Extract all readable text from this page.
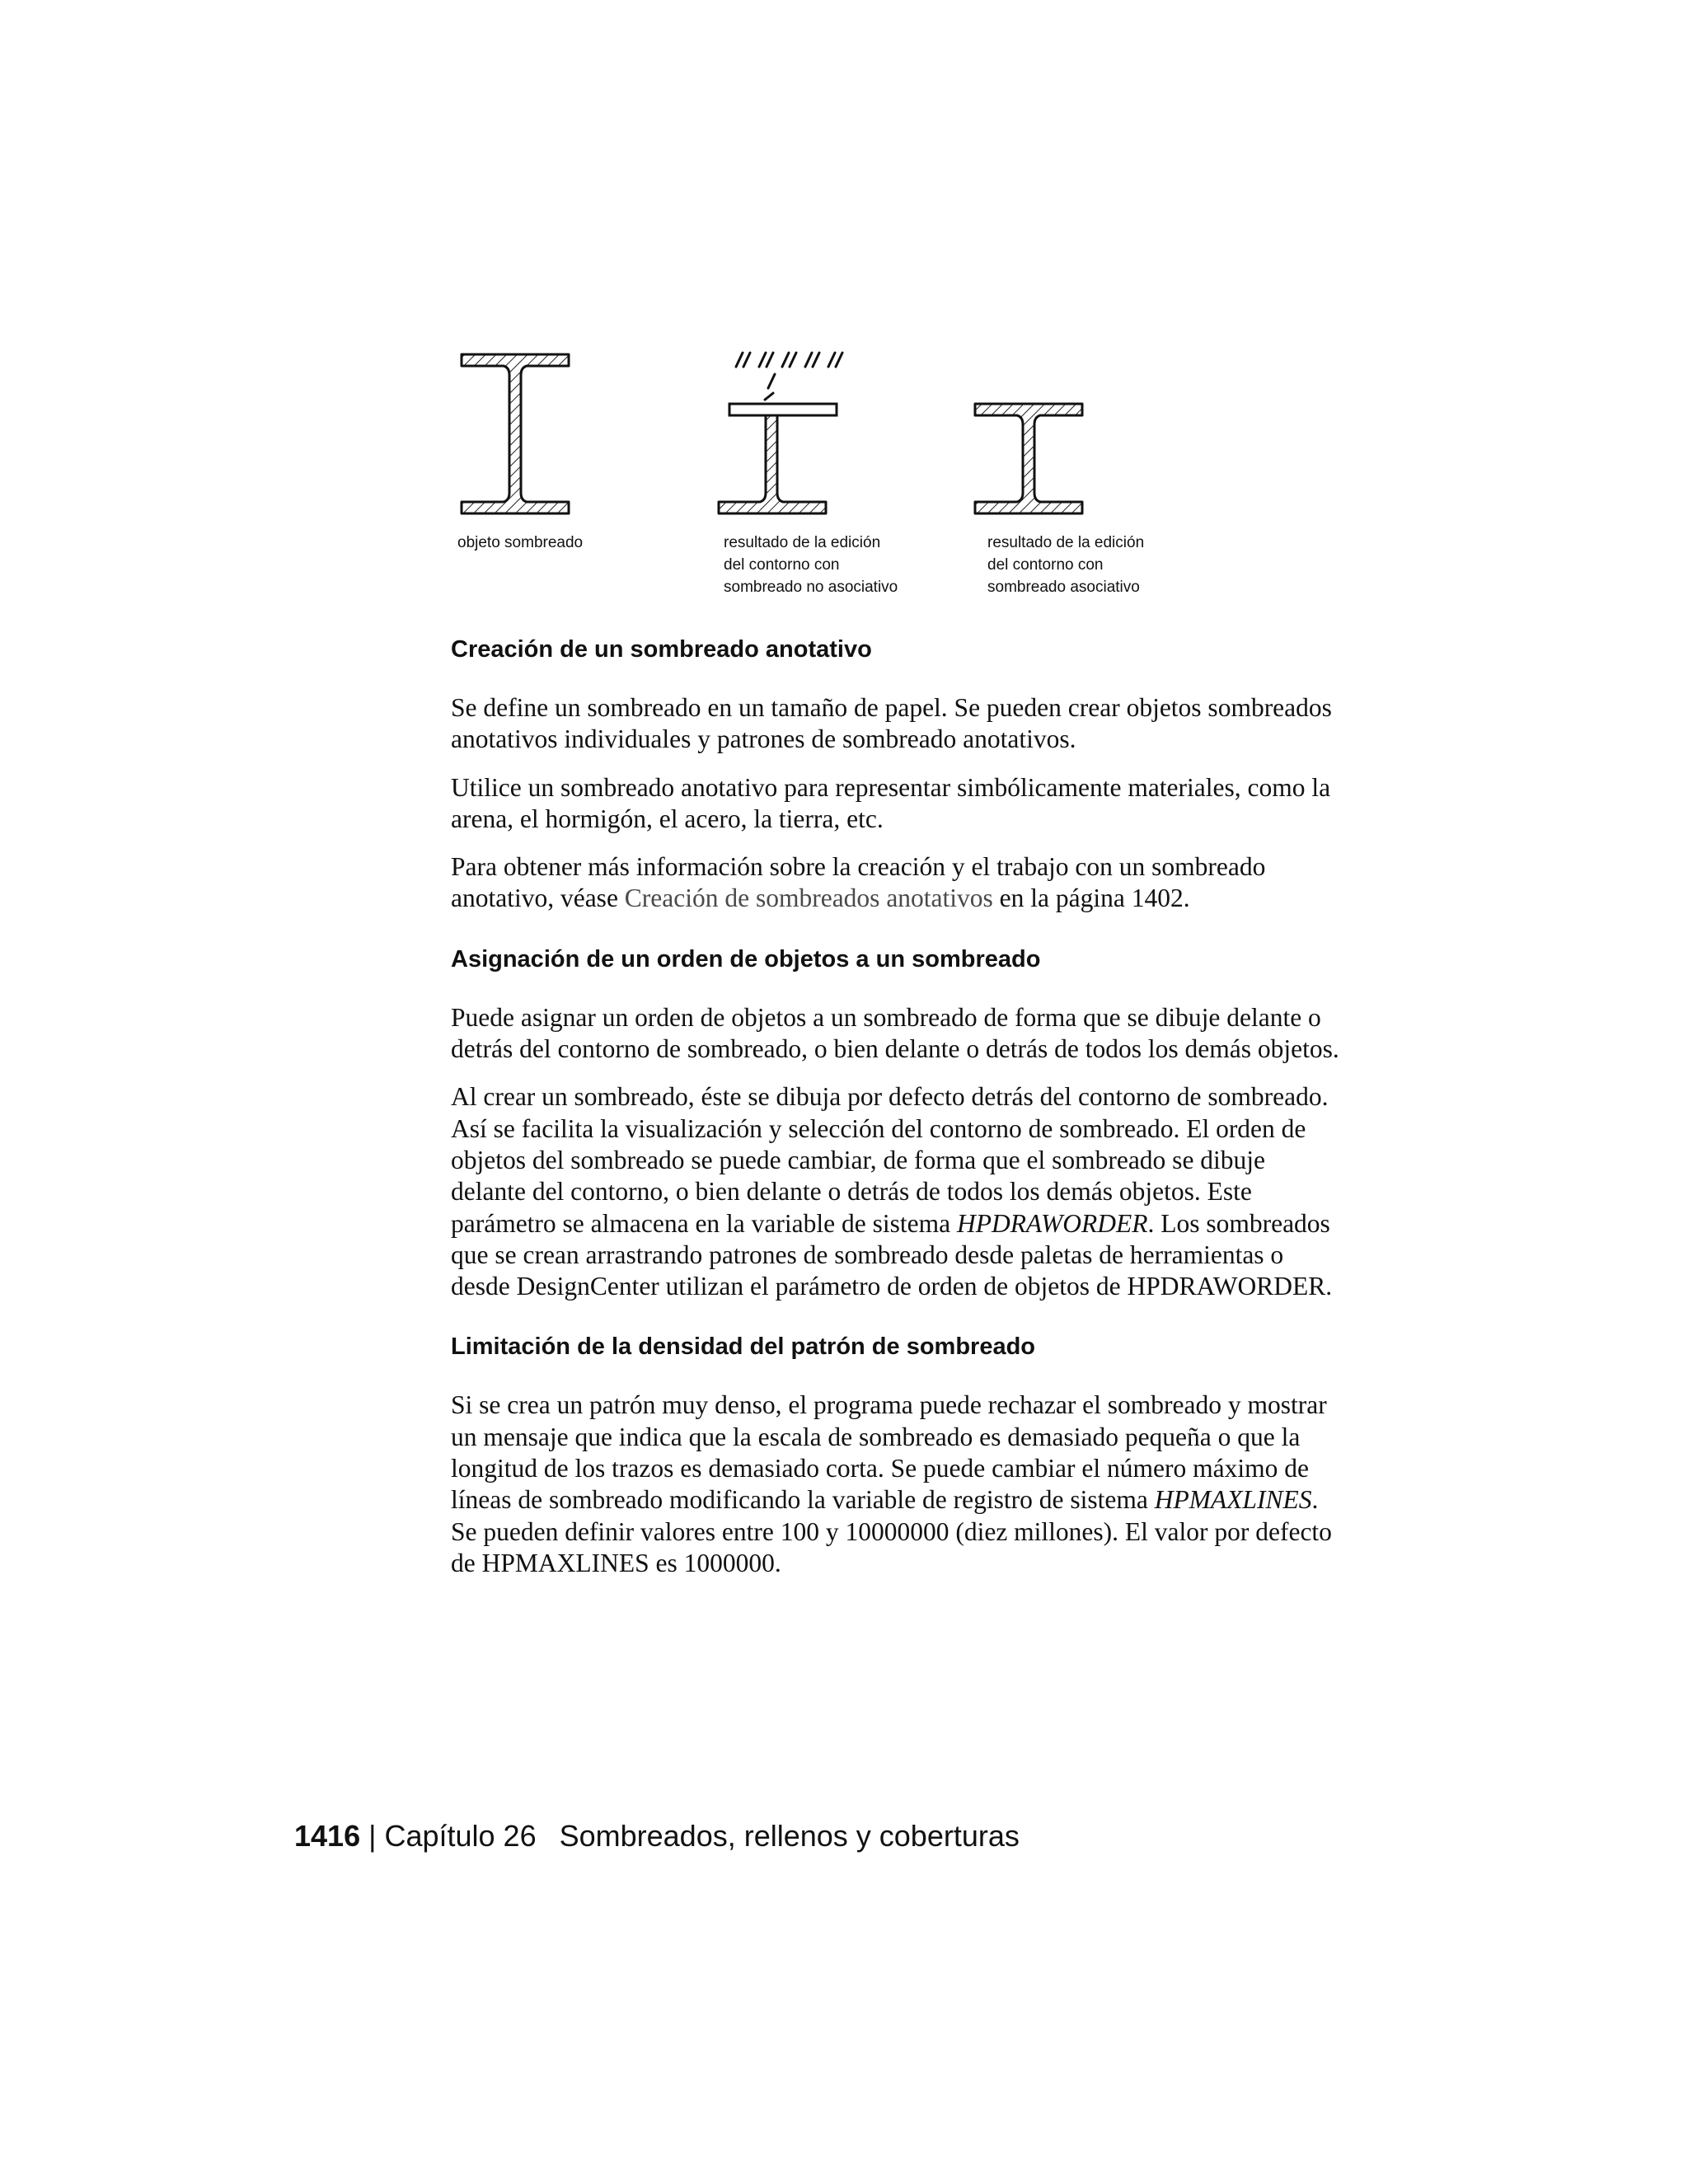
objeto sombreado	resultado de la edición
del contorno con
sombreado no asociativo
resultado de la edición
del contorno con
sombreado asociativo
Creación de un sombreado anotativo

Se define un sombreado en un tamaño de papel. Se pueden crear objetos sombreados anotativos individuales y patrones de sombreado anotativos.

Utilice un sombreado anotativo para representar simbólicamente materiales, como la arena, el hormigón, el acero, la tierra, etc.

Para obtener más información sobre la creación y el trabajo con un sombreado anotativo, véase Creación de sombreados anotativos en la página 1402.

Asignación de un orden de objetos a un sombreado

Puede asignar un orden de objetos a un sombreado de forma que se dibuje delante o detrás del contorno de sombreado, o bien delante o detrás de todos los demás objetos.

Al crear un sombreado, éste se dibuja por defecto detrás del contorno de sombreado. Así se facilita la visualización y selección del contorno de sombreado. El orden de objetos del sombreado se puede cambiar, de forma que el sombreado se dibuje delante del contorno, o bien delante o detrás de todos los demás objetos. Este parámetro se almacena en la variable de sistema HPDRAWORDER. Los sombreados que se crean arrastrando patrones de sombreado desde paletas de herramientas o desde DesignCenter utilizan el parámetro de orden de objetos de HPDRAWORDER.

Limitación de la densidad del patrón de sombreado

Si se crea un patrón muy denso, el programa puede rechazar el sombreado y mostrar un mensaje que indica que la escala de sombreado es demasiado pequeña o que la longitud de los trazos es demasiado corta. Se puede cambiar el número máximo de líneas de sombreado modificando la variable de registro de sistema HPMAXLINES. Se pueden definir valores entre 100 y 10000000 (diez millones). El valor por defecto de HPMAXLINES es 1000000.

1416 | Capítulo 26 Sombreados, rellenos y coberturas
